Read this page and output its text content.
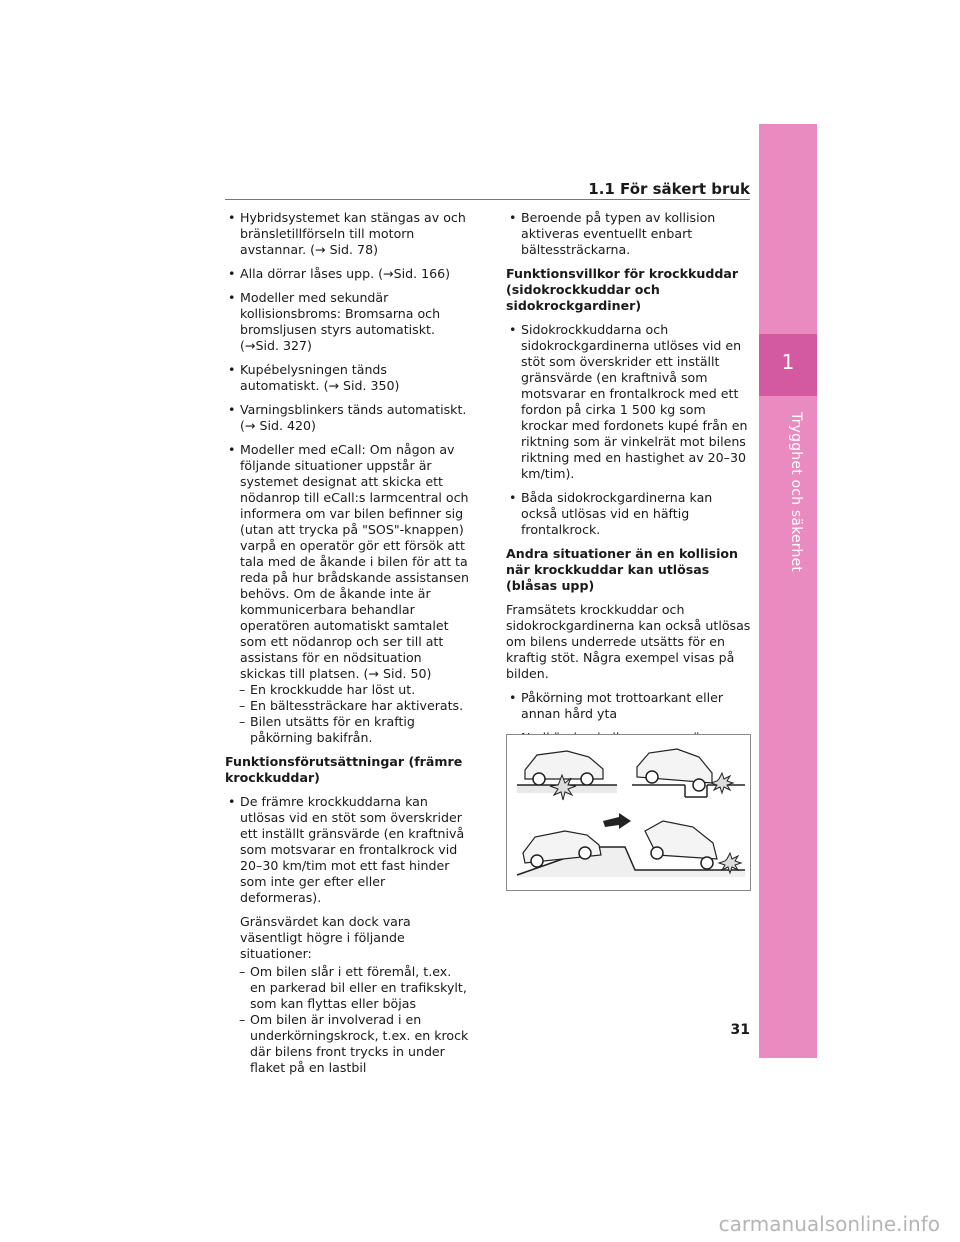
1
Trygghet och säkerhet
1.1 För säkert bruk
• Hybridsystemet kan stängas av och bränsletillförseln till motorn avstannar. (→ Sid. 78)
• Alla dörrar låses upp. (→Sid. 166)
• Modeller med sekundär kollisionsbroms: Bromsarna och bromsljusen styrs automatiskt. (→Sid. 327)
• Kupébelysningen tänds automatiskt. (→ Sid. 350)
• Varningsblinkers tänds automatiskt. (→ Sid. 420)
• Modeller med eCall: Om någon av följande situationer uppstår är systemet designat att skicka ett nödanrop till eCall:s larmcentral och informera om var bilen befinner sig (utan att trycka på "SOS"-knappen) varpå en operatör gör ett försök att tala med de åkande i bilen för att ta reda på hur brådskande assistansen behövs. Om de åkande inte är kommunicerbara behandlar operatören automatiskt samtalet som ett nödanrop och ser till att assistans för en nödsituation skickas till platsen. (→ Sid. 50)
– En krockkudde har löst ut.
– En bältessträckare har aktiverats.
– Bilen utsätts för en kraftig påkörning bakifrån.
Funktionsförutsättningar (främre krockkuddar)
• De främre krockkuddarna kan utlösas vid en stöt som överskrider ett inställt gränsvärde (en kraftnivå som motsvarar en frontalkrock vid 20–30 km/tim mot ett fast hinder som inte ger efter eller deformeras).
Gränsvärdet kan dock vara väsentligt högre i följande situationer:
– Om bilen slår i ett föremål, t.ex. en parkerad bil eller en trafikskylt, som kan flyttas eller böjas
– Om bilen är involverad i en underkörningskrock, t.ex. en krock där bilens front trycks in under flaket på en lastbil
• Beroende på typen av kollision aktiveras eventuellt enbart bältessträckarna.
Funktionsvillkor för krockkuddar (sidokrockkuddar och sidokrockgardiner)
• Sidokrockkuddarna och sidokrockgardinerna utlöses vid en stöt som överskrider ett inställt gränsvärde (en kraftnivå som motsvarar en frontalkrock med ett fordon på cirka 1 500 kg som krockar med fordonets kupé från en riktning som är vinkelrät mot bilens riktning med en hastighet av 20–30 km/tim).
• Båda sidokrockgardinerna kan också utlösas vid en häftig frontalkrock.
Andra situationer än en kollision när krockkuddar kan utlösas (blåsas upp)
Framsätets krockkuddar och sidokrockgardinerna kan också utlösas om bilens underrede utsätts för en kraftig stöt. Några exempel visas på bilden.
• Påkörning mot trottoarkant eller annan hård yta
•
•
31
carmanualsonline.info
